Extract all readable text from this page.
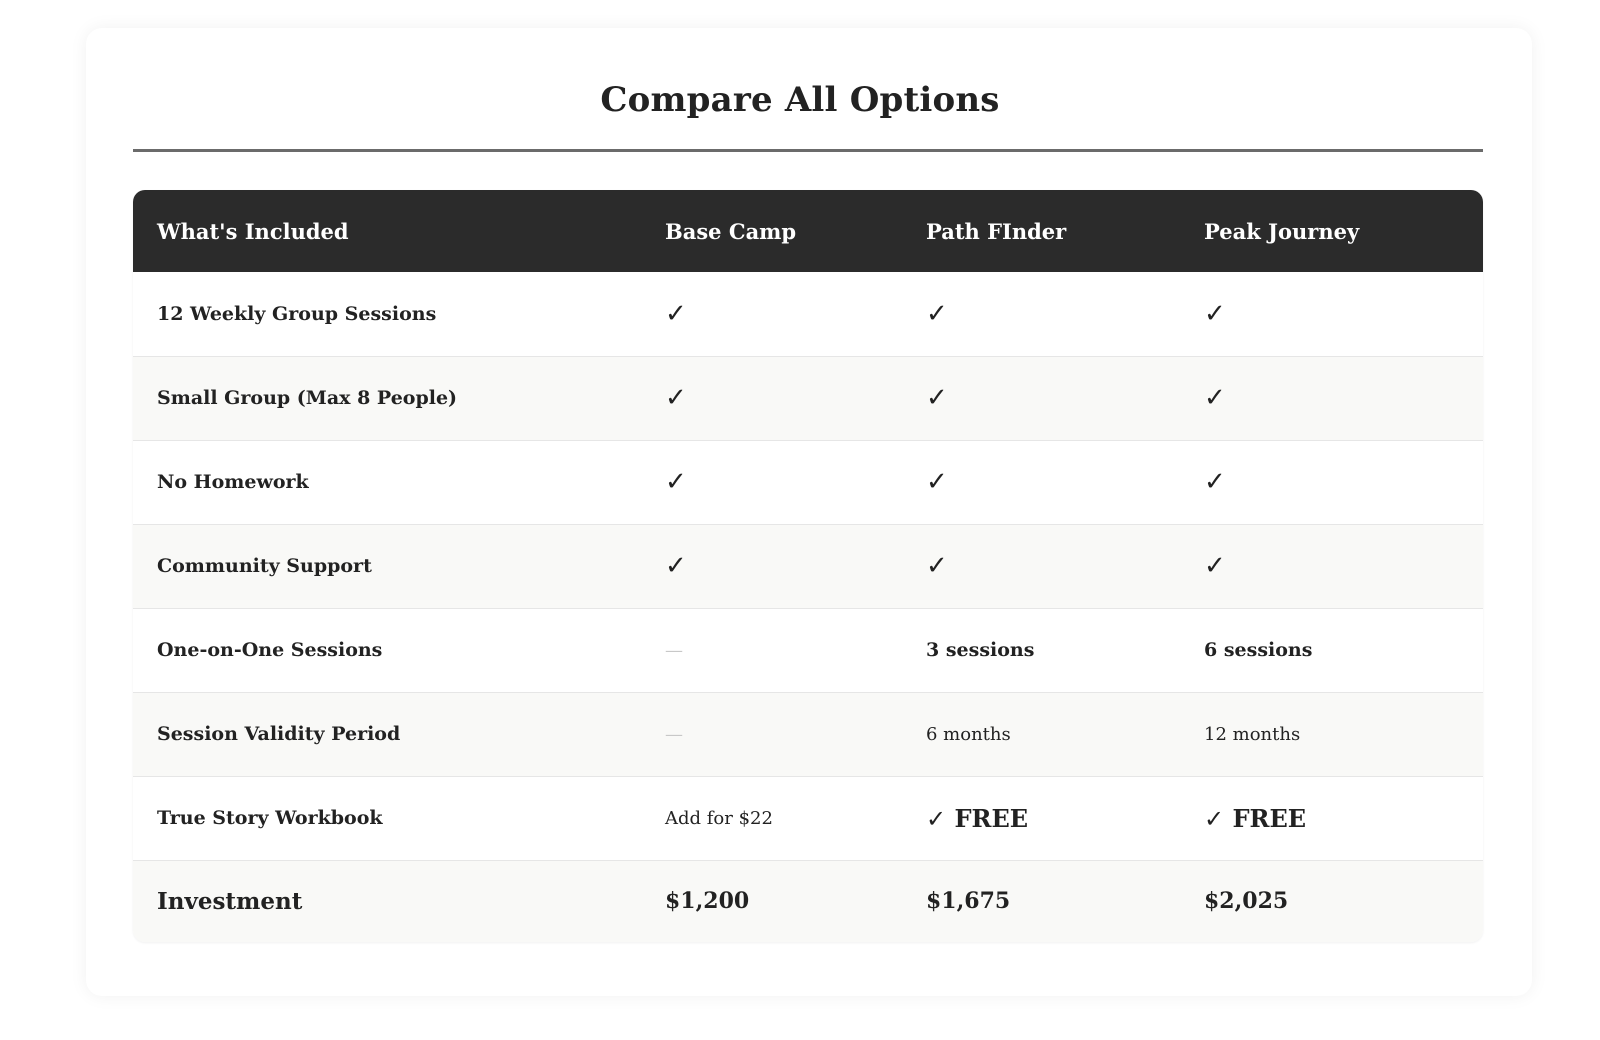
Compare All Options
What's Included	Base Camp	Path FInder	Peak Journey
12 Weekly Group Sessions	✓	✓	✓
Small Group (Max 8 People)	✓	✓	✓
No Homework	✓	✓	✓
Community Support	✓	✓	✓
One-on-One Sessions	—	3 sessions	6 sessions
Session Validity Period	—	6 months	12 months
True Story Workbook	Add for $22	✓ FREE	✓ FREE
Investment	$1,200	$1,675	$2,025
